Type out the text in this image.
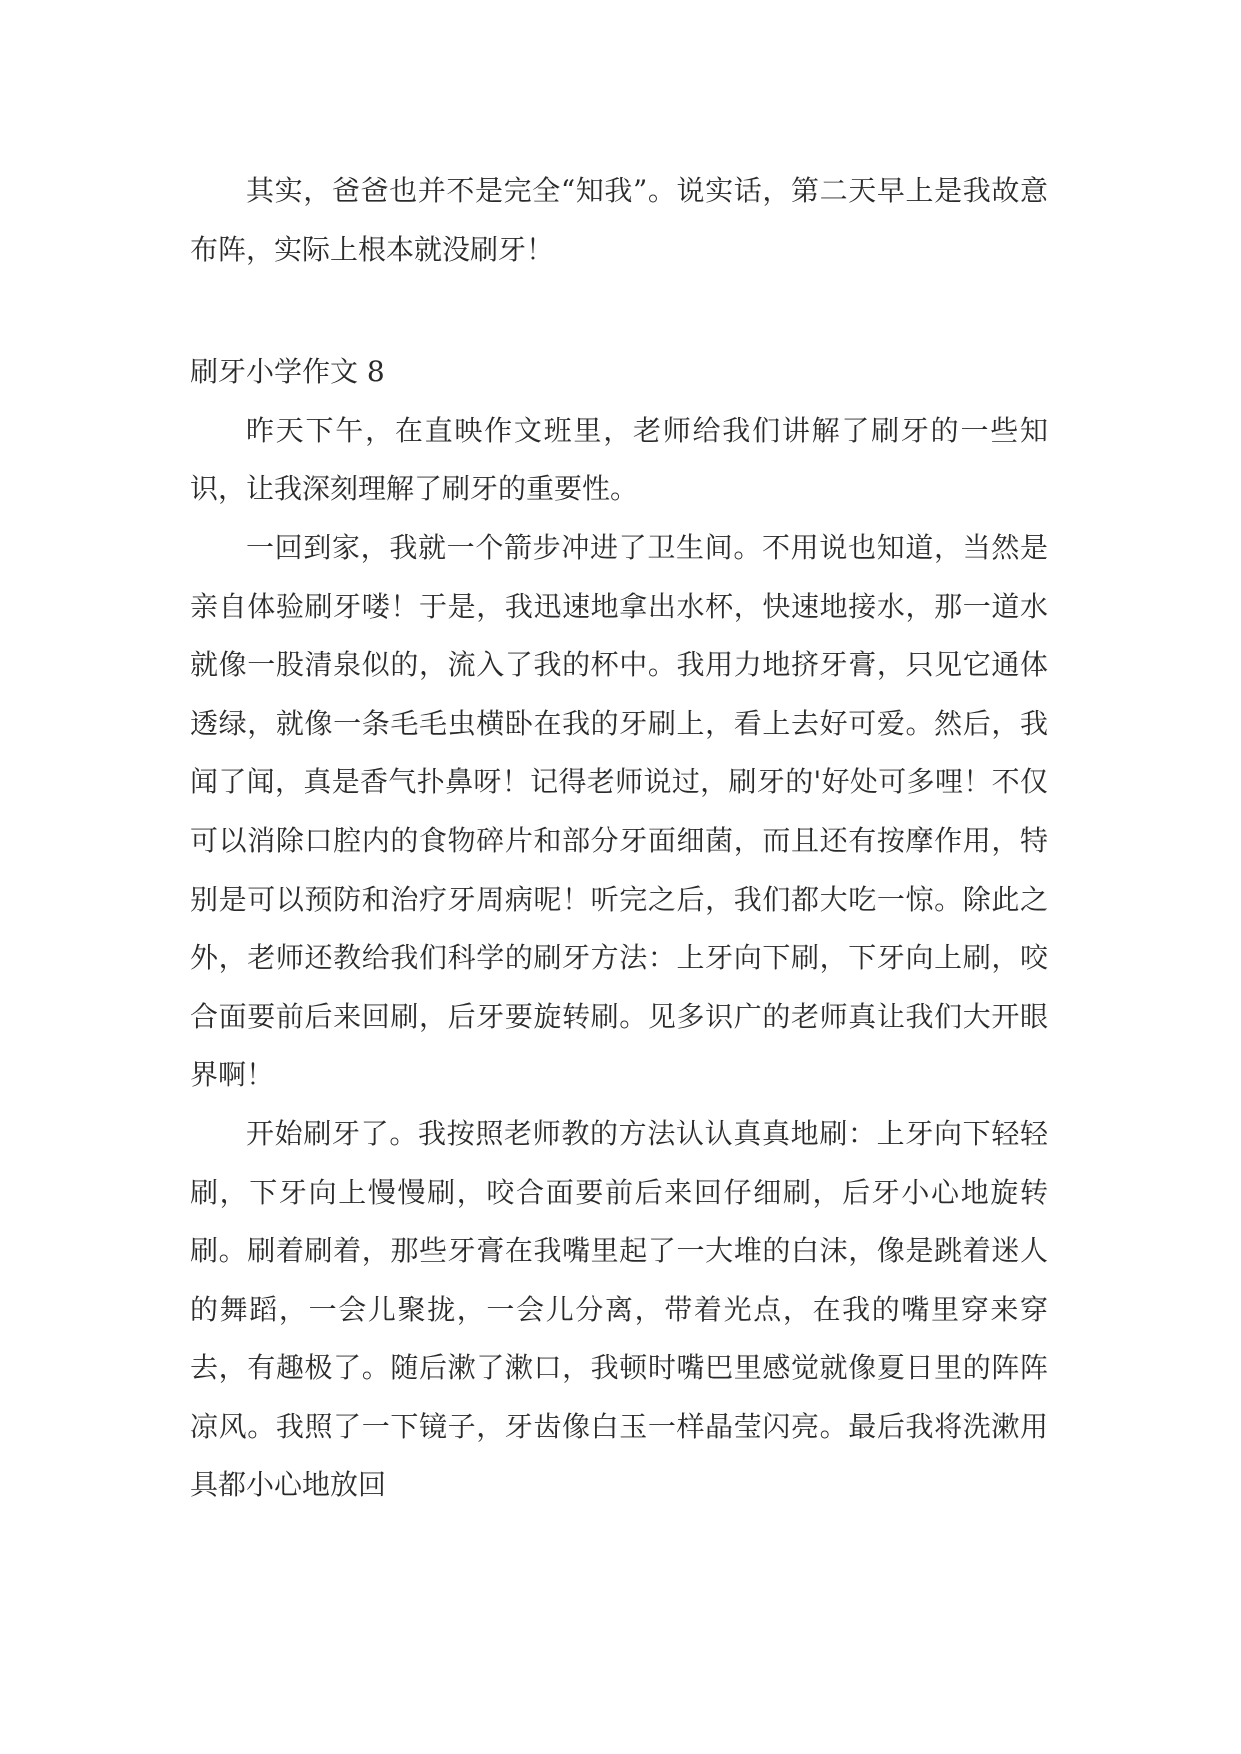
其实，爸爸也并不是完全“知我”。说实话，第二天早上是我故意布阵，实际上根本就没刷牙！

刷牙小学作文 8

昨天下午，在直映作文班里，老师给我们讲解了刷牙的一些知识，让我深刻理解了刷牙的重要性。

一回到家，我就一个箭步冲进了卫生间。不用说也知道，当然是亲自体验刷牙喽！于是，我迅速地拿出水杯，快速地接水，那一道水就像一股清泉似的，流入了我的杯中。我用力地挤牙膏，只见它通体透绿，就像一条毛毛虫横卧在我的牙刷上，看上去好可爱。然后，我闻了闻，真是香气扑鼻呀！记得老师说过，刷牙的'好处可多哩！不仅可以消除口腔内的食物碎片和部分牙面细菌，而且还有按摩作用，特别是可以预防和治疗牙周病呢！听完之后，我们都大吃一惊。除此之外，老师还教给我们科学的刷牙方法：上牙向下刷，下牙向上刷，咬合面要前后来回刷，后牙要旋转刷。见多识广的老师真让我们大开眼界啊！

开始刷牙了。我按照老师教的方法认认真真地刷：上牙向下轻轻刷，下牙向上慢慢刷，咬合面要前后来回仔细刷，后牙小心地旋转刷。刷着刷着，那些牙膏在我嘴里起了一大堆的白沫，像是跳着迷人的舞蹈，一会儿聚拢，一会儿分离，带着光点，在我的嘴里穿来穿去，有趣极了。随后漱了漱口，我顿时嘴巴里感觉就像夏日里的阵阵凉风。我照了一下镜子，牙齿像白玉一样晶莹闪亮。最后我将洗漱用具都小心地放回
